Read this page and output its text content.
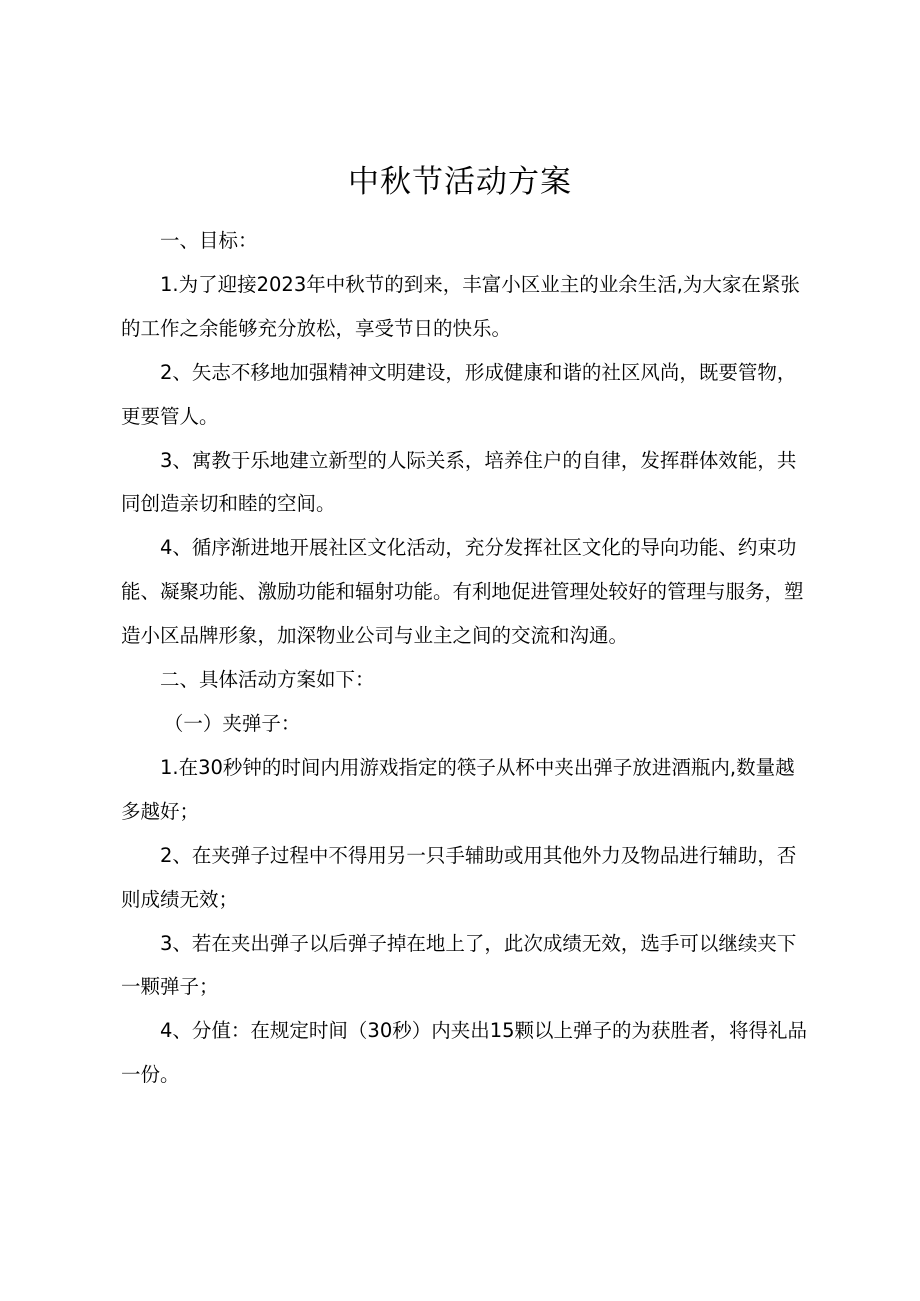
中秋节活动方案

一、目标：

1.为了迎接2023年中秋节的到来，丰富小区业主的业余生活,为大家在紧张的工作之余能够充分放松，享受节日的快乐。

2、矢志不移地加强精神文明建设，形成健康和谐的社区风尚，既要管物，更要管人。

3、寓教于乐地建立新型的人际关系，培养住户的自律，发挥群体效能，共同创造亲切和睦的空间。

4、循序渐进地开展社区文化活动，充分发挥社区文化的导向功能、约束功能、凝聚功能、激励功能和辐射功能。有利地促进管理处较好的管理与服务，塑造小区品牌形象，加深物业公司与业主之间的交流和沟通。

二、具体活动方案如下：

（一）夹弹子：

1.在30秒钟的时间内用游戏指定的筷子从杯中夹出弹子放进酒瓶内,数量越多越好；

2、在夹弹子过程中不得用另一只手辅助或用其他外力及物品进行辅助，否则成绩无效；

3、若在夹出弹子以后弹子掉在地上了，此次成绩无效，选手可以继续夹下一颗弹子；

4、分值：在规定时间（30秒）内夹出15颗以上弹子的为获胜者，将得礼品一份。
